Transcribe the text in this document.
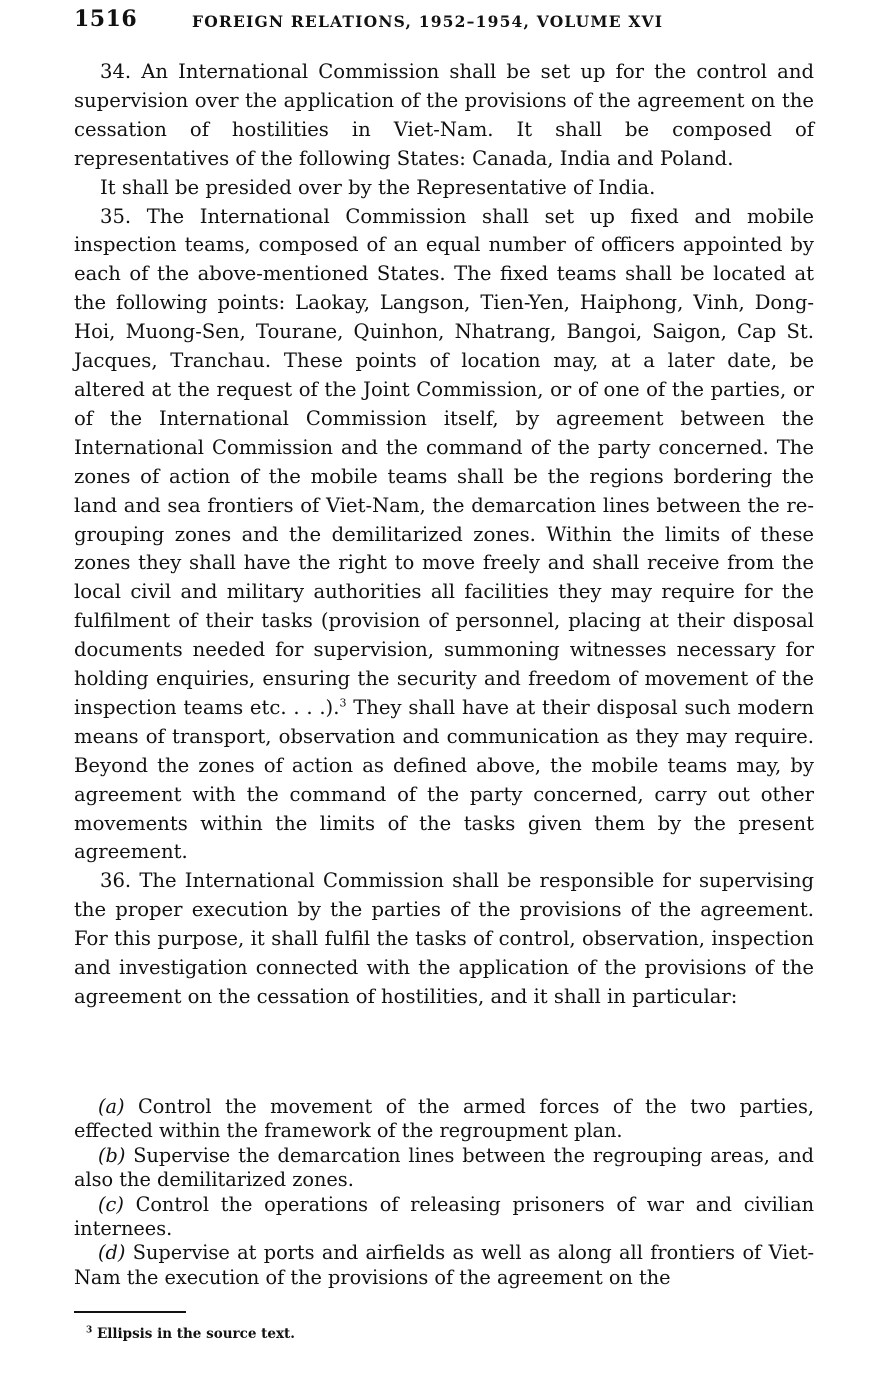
1516	FOREIGN RELATIONS, 1952–1954, VOLUME XVI

34. An International Commission shall be set up for the control and supervision over the application of the provisions of the agreement on the cessation of hostilities in Viet-Nam. It shall be composed of representatives of the following States: Canada, India and Poland.

It shall be presided over by the Representative of India.

35. The International Commission shall set up fixed and mobile inspection teams, composed of an equal number of officers appointed by each of the above-mentioned States. The fixed teams shall be located at the following points: Laokay, Langson, Tien-Yen, Haiphong, Vinh, Dong-Hoi, Muong-Sen, Tourane, Quinhon, Nhatrang, Bangoi, Saigon, Cap St. Jacques, Tranchau. These points of location may, at a later date, be altered at the request of the Joint Commission, or of one of the parties, or of the International Commission itself, by agreement between the International Commission and the command of the party concerned. The zones of action of the mobile teams shall be the regions bordering the land and sea frontiers of Viet-Nam, the demarcation lines between the re-grouping zones and the demilitarized zones. Within the limits of these zones they shall have the right to move freely and shall receive from the local civil and military authorities all facilities they may require for the fulfilment of their tasks (provision of personnel, placing at their disposal documents needed for supervision, summoning witnesses necessary for holding enquiries, ensuring the security and freedom of movement of the inspection teams etc. . . .).$^3$ They shall have at their disposal such modern means of transport, observation and communication as they may require. Beyond the zones of action as defined above, the mobile teams may, by agreement with the command of the party concerned, carry out other movements within the limits of the tasks given them by the present agreement.

36. The International Commission shall be responsible for supervising the proper execution by the parties of the provisions of the agreement. For this purpose, it shall fulfil the tasks of control, observation, inspection and investigation connected with the application of the provisions of the agreement on the cessation of hostilities, and it shall in particular:

(a) Control the movement of the armed forces of the two parties, effected within the framework of the regroupment plan.

(b) Supervise the demarcation lines between the regrouping areas, and also the demilitarized zones.

(c) Control the operations of releasing prisoners of war and civilian internees.

(d) Supervise at ports and airfields as well as along all frontiers of Viet-Nam the execution of the provisions of the agreement on the

$^3$ Ellipsis in the source text.
